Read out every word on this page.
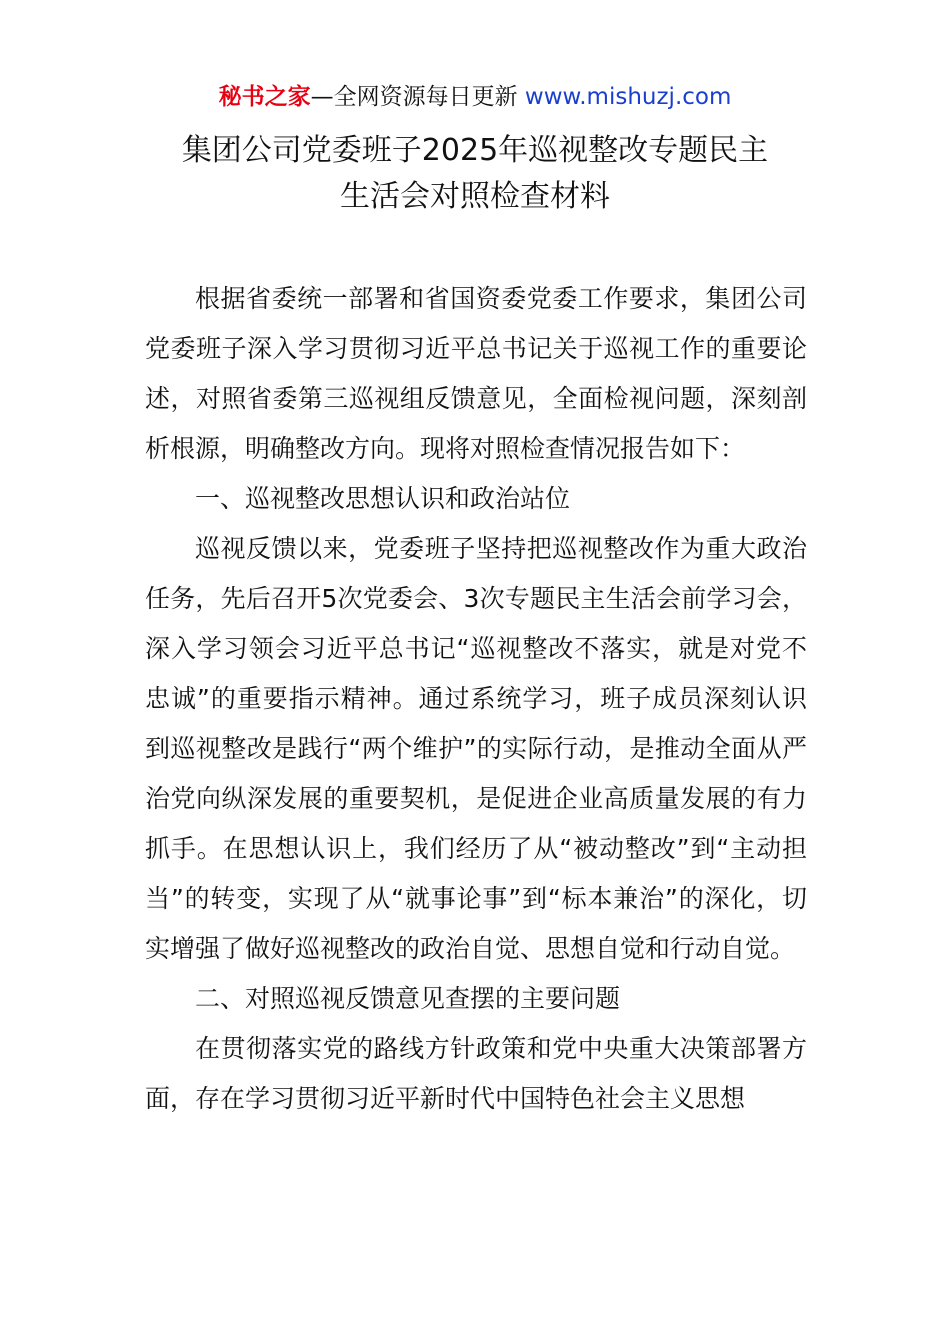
秘书之家—全网资源每日更新 www.mishuzj.com
集团公司党委班子2025年巡视整改专题民主
生活会对照检查材料

根据省委统一部署和省国资委党委工作要求，集团公司党委班子深入学习贯彻习近平总书记关于巡视工作的重要论述，对照省委第三巡视组反馈意见，全面检视问题，深刻剖析根源，明确整改方向。现将对照检查情况报告如下：

一、巡视整改思想认识和政治站位

巡视反馈以来，党委班子坚持把巡视整改作为重大政治任务，先后召开5次党委会、3次专题民主生活会前学习会，深入学习领会习近平总书记“巡视整改不落实，就是对党不忠诚”的重要指示精神。通过系统学习，班子成员深刻认识到巡视整改是践行“两个维护”的实际行动，是推动全面从严治党向纵深发展的重要契机，是促进企业高质量发展的有力抓手。在思想认识上，我们经历了从“被动整改”到“主动担当”的转变，实现了从“就事论事”到“标本兼治”的深化，切实增强了做好巡视整改的政治自觉、思想自觉和行动自觉。

二、对照巡视反馈意见查摆的主要问题

在贯彻落实党的路线方针政策和党中央重大决策部署方面，存在学习贯彻习近平新时代中国特色社会主义思想
